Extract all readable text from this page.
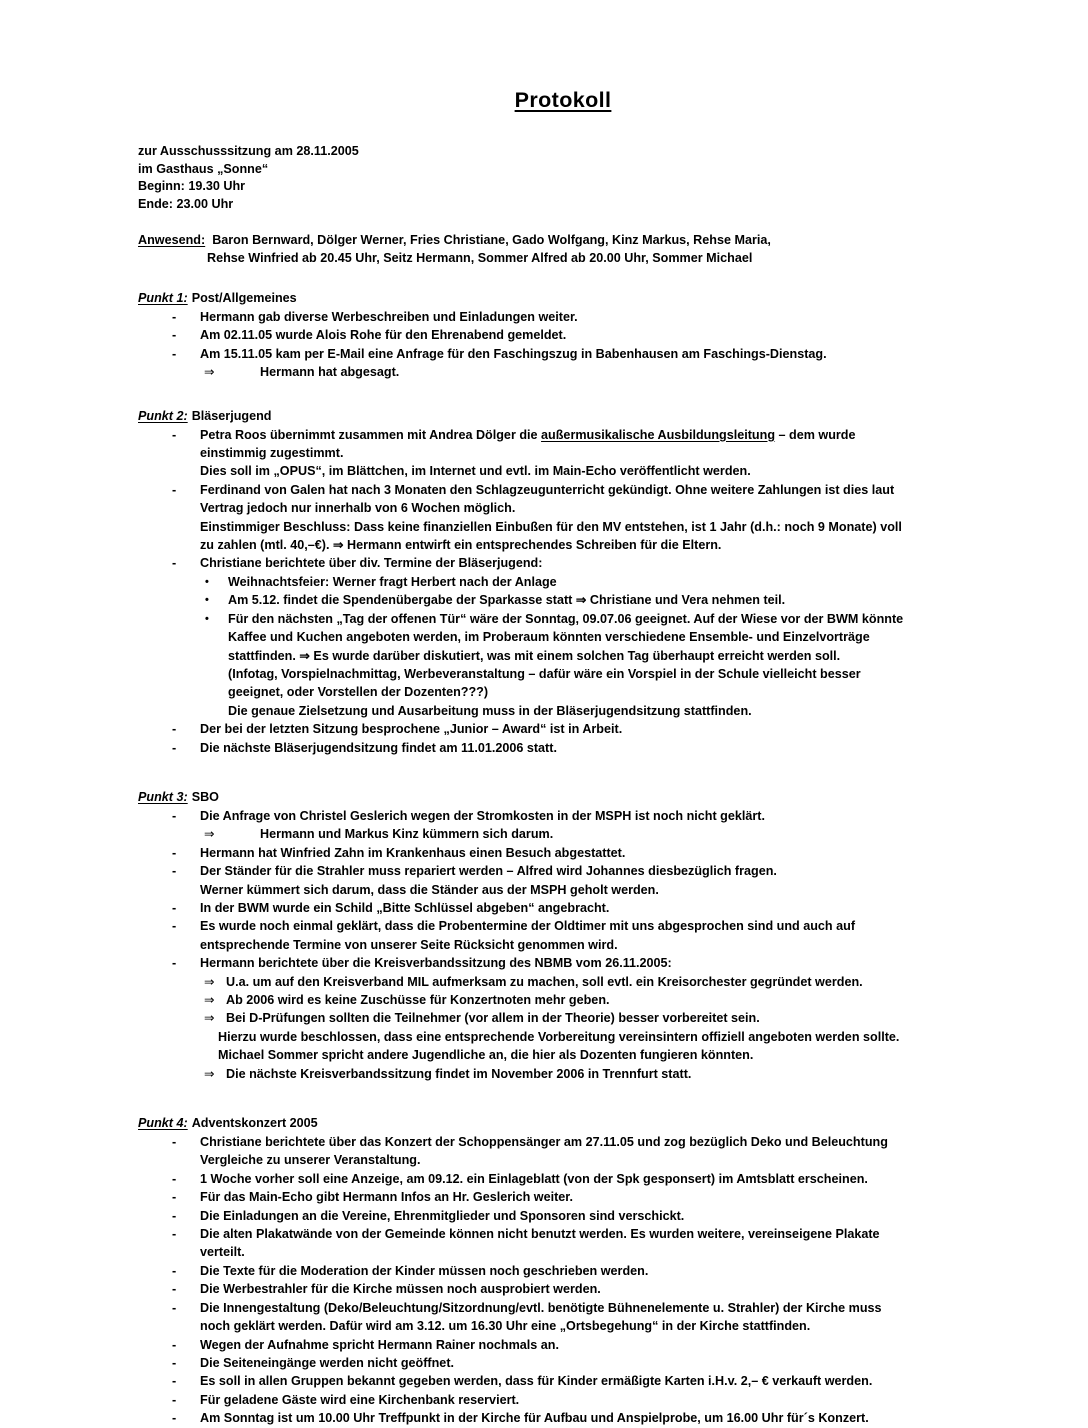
Protokoll
zur Ausschusssitzung am 28.11.2005
im Gasthaus „Sonne“
Beginn: 19.30 Uhr
Ende: 23.00 Uhr
Anwesend: Baron Bernward, Dölger Werner, Fries Christiane, Gado Wolfgang, Kinz Markus, Rehse Maria,
Rehse Winfried ab 20.45 Uhr, Seitz Hermann, Sommer Alfred ab 20.00 Uhr, Sommer Michael
Punkt 1: Post/Allgemeines
- Hermann gab diverse Werbeschreiben und Einladungen weiter.
- Am 02.11.05 wurde Alois Rohe für den Ehrenabend gemeldet.
- Am 15.11.05 kam per E-Mail eine Anfrage für den Faschingszug in Babenhausen am Faschings-Dienstag.
⇒	Hermann hat abgesagt.
Punkt 2: Bläserjugend
- Petra Roos übernimmt zusammen mit Andrea Dölger die außermusikalische Ausbildungsleitung – dem wurde
einstimmig zugestimmt.
Dies soll im „OPUS“, im Blättchen, im Internet und evtl. im Main-Echo veröffentlicht werden.
- Ferdinand von Galen hat nach 3 Monaten den Schlagzeugunterricht gekündigt. Ohne weitere Zahlungen ist dies laut
Vertrag jedoch nur innerhalb von 6 Wochen möglich.
Einstimmiger Beschluss: Dass keine finanziellen Einbußen für den MV entstehen, ist 1 Jahr (d.h.: noch 9 Monate) voll
zu zahlen (mtl. 40,–€). ⇒ Hermann entwirft ein entsprechendes Schreiben für die Eltern.
- Christiane berichtete über div. Termine der Bläserjugend:
• Weihnachtsfeier: Werner fragt Herbert nach der Anlage
• Am 5.12. findet die Spendenübergabe der Sparkasse statt ⇒ Christiane und Vera nehmen teil.
• Für den nächsten „Tag der offenen Tür“ wäre der Sonntag, 09.07.06 geeignet. Auf der Wiese vor der BWM könnte
Kaffee und Kuchen angeboten werden, im Proberaum könnten verschiedene Ensemble- und Einzelvorträge
stattfinden. ⇒ Es wurde darüber diskutiert, was mit einem solchen Tag überhaupt erreicht werden soll.
(Infotag, Vorspielnachmittag, Werbeveranstaltung – dafür wäre ein Vorspiel in der Schule vielleicht besser
geeignet, oder Vorstellen der Dozenten???)
Die genaue Zielsetzung und Ausarbeitung muss in der Bläserjugendsitzung stattfinden.
- Der bei der letzten Sitzung besprochene „Junior – Award“ ist in Arbeit.
- Die nächste Bläserjugendsitzung findet am 11.01.2006 statt.
Punkt 3: SBO
- Die Anfrage von Christel Geslerich wegen der Stromkosten in der MSPH ist noch nicht geklärt.
⇒	Hermann und Markus Kinz kümmern sich darum.
- Hermann hat Winfried Zahn im Krankenhaus einen Besuch abgestattet.
- Der Ständer für die Strahler muss repariert werden – Alfred wird Johannes diesbezüglich fragen.
Werner kümmert sich darum, dass die Ständer aus der MSPH geholt werden.
- In der BWM wurde ein Schild „Bitte Schlüssel abgeben“ angebracht.
- Es wurde noch einmal geklärt, dass die Probentermine der Oldtimer mit uns abgesprochen sind und auch auf
entsprechende Termine von unserer Seite Rücksicht genommen wird.
- Hermann berichtete über die Kreisverbandssitzung des NBMB vom 26.11.2005:
⇒ U.a. um auf den Kreisverband MIL aufmerksam zu machen, soll evtl. ein Kreisorchester gegründet werden.
⇒ Ab 2006 wird es keine Zuschüsse für Konzertnoten mehr geben.
⇒ Bei D-Prüfungen sollten die Teilnehmer (vor allem in der Theorie) besser vorbereitet sein.
Hierzu wurde beschlossen, dass eine entsprechende Vorbereitung vereinsintern offiziell angeboten werden sollte.
Michael Sommer spricht andere Jugendliche an, die hier als Dozenten fungieren könnten.
⇒ Die nächste Kreisverbandssitzung findet im November 2006 in Trennfurt statt.
Punkt 4: Adventskonzert 2005
- Christiane berichtete über das Konzert der Schoppensänger am 27.11.05 und zog bezüglich Deko und Beleuchtung
Vergleiche zu unserer Veranstaltung.
- 1 Woche vorher soll eine Anzeige, am 09.12. ein Einlageblatt (von der Spk gesponsert) im Amtsblatt erscheinen.
- Für das Main-Echo gibt Hermann Infos an Hr. Geslerich weiter.
- Die Einladungen an die Vereine, Ehrenmitglieder und Sponsoren sind verschickt.
- Die alten Plakatwände von der Gemeinde können nicht benutzt werden. Es wurden weitere, vereinseigene Plakate
verteilt.
- Die Texte für die Moderation der Kinder müssen noch geschrieben werden.
- Die Werbestrahler für die Kirche müssen noch ausprobiert werden.
- Die Innengestaltung (Deko/Beleuchtung/Sitzordnung/evtl. benötigte Bühnenelemente u. Strahler) der Kirche muss
noch geklärt werden. Dafür wird am 3.12. um 16.30 Uhr eine „Ortsbegehung“ in der Kirche stattfinden.
- Wegen der Aufnahme spricht Hermann Rainer nochmals an.
- Die Seiteneingänge werden nicht geöffnet.
- Es soll in allen Gruppen bekannt gegeben werden, dass für Kinder ermäßigte Karten i.H.v. 2,– € verkauft werden.
- Für geladene Gäste wird eine Kirchenbank reserviert.
- Am Sonntag ist um 10.00 Uhr Treffpunkt in der Kirche für Aufbau und Anspielprobe, um 16.00 Uhr für´s Konzert.
